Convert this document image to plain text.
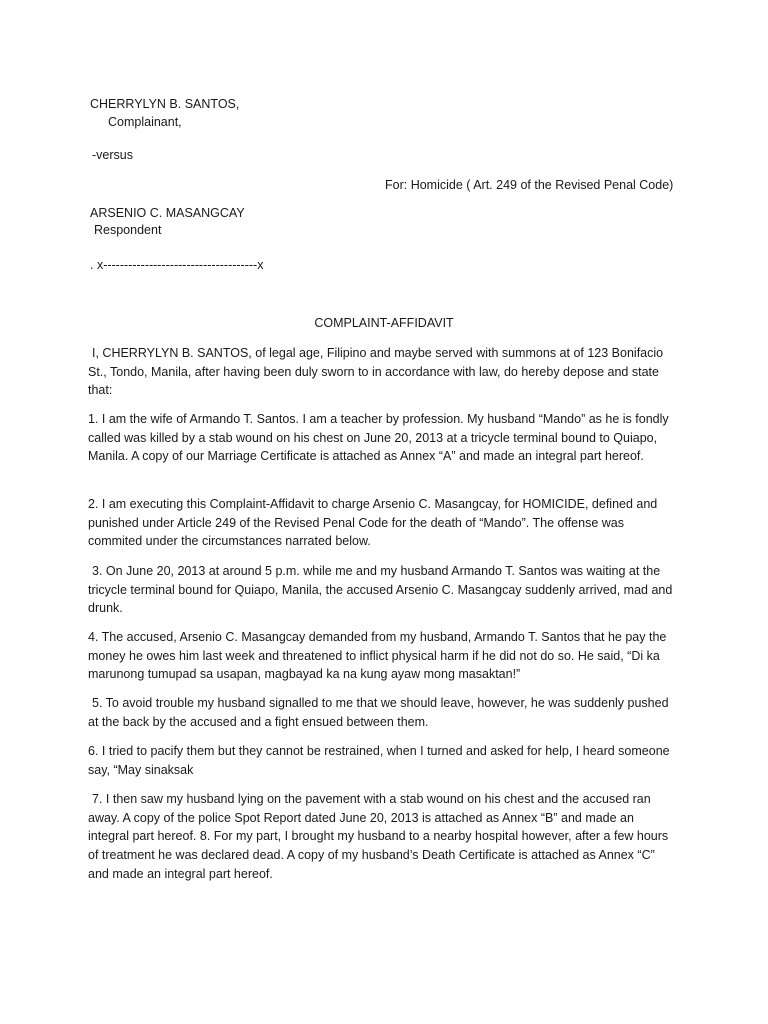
CHERRYLYN B. SANTOS,
Complainant,
-versus
For: Homicide ( Art. 249 of the Revised Penal Code)
ARSENIO C. MASANGCAY
Respondent
. x-------------------------------------x
COMPLAINT-AFFIDAVIT
I, CHERRYLYN B. SANTOS, of legal age, Filipino and maybe served with summons at of 123 Bonifacio St., Tondo, Manila, after having been duly sworn to in accordance with law, do hereby depose and state that:
1. I am the wife of Armando T. Santos. I am a teacher by profession. My husband “Mando” as he is fondly called was killed by a stab wound on his chest on June 20, 2013 at a tricycle terminal bound to Quiapo, Manila. A copy of our Marriage Certificate is attached as Annex “A” and made an integral part hereof.
2. I am executing this Complaint-Affidavit to charge Arsenio C. Masangcay, for HOMICIDE, defined and punished under Article 249 of the Revised Penal Code for the death of “Mando”. The offense was commited under the circumstances narrated below.
3. On June 20, 2013 at around 5 p.m. while me and my husband Armando T. Santos was waiting at the tricycle terminal bound for Quiapo, Manila, the accused Arsenio C. Masangcay suddenly arrived, mad and drunk.
4. The accused, Arsenio C. Masangcay demanded from my husband, Armando T. Santos that he pay the money he owes him last week and threatened to inflict physical harm if he did not do so. He said, “Di ka marunong tumupad sa usapan, magbayad ka na kung ayaw mong masaktan!”
5. To avoid trouble my husband signalled to me that we should leave, however, he was suddenly pushed at the back by the accused and a fight ensued between them.
6. I tried to pacify them but they cannot be restrained, when I turned and asked for help, I heard someone say, “May sinaksak
7. I then saw my husband lying on the pavement with a stab wound on his chest and the accused ran away. A copy of the police Spot Report dated June 20, 2013 is attached as Annex “B” and made an integral part hereof. 8. For my part, I brought my husband to a nearby hospital however, after a few hours of treatment he was declared dead. A copy of my husband’s Death Certificate is attached as Annex “C” and made an integral part hereof.
